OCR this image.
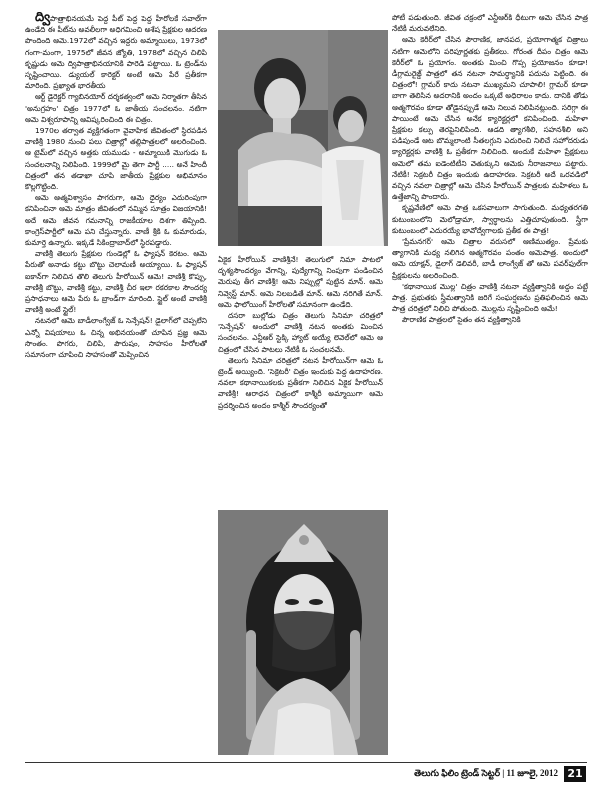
ద్విపాత్రాభినయమే పెద్ద పీట్ పెద్ద పెద్ద హీరోలకే సవాల్‌గా ఉండేది ఈ పీట్‌ను అవలీలగా అధిగమించి అశేష ప్రేక్షకుల ఆదరణ పొందింది ఆమె.1972లో వచ్చిన ఇద్దరు అమ్మాయిలు, 1973లో గంగా-మంగా, 1975లో జీవన జ్యోతి, 1978లో వచ్చిన చిలిపి కృష్ణుడు ఆమె ద్విపాత్రాభినయానికి పారెడి పట్టాయి. ఓ ట్రెండ్‌ను సృష్టించాయి. డ్యుయల్ కారెక్టర్ అంటే ఆమె పేరే ప్రతీకగా మారింది. ప్రఖ్యాత భారతీయ

ఆర్ట్ డైరెక్టర్ గ్యాబినయోర్ దర్శకత్వంలో ఆమె నిర్మాతగా తీసిన 'అనుగ్రహం' చిత్రం 1977లో ఓ జాతీయ సంచలనం. నటిగా ఆమె విశ్వరూపాన్ని ఆవిష్కరించింది ఈ చిత్రం.

1970ల తర్వాత వ్యక్తిగతంగా వైవాహిక జీవితంలో స్థిరపడిన వాణిశ్రీ 1980 నుంచి పలు చిత్రాల్లో తల్లిపాత్రలలో అలరించింది. ఆ టైమ్‌లో వచ్చిన అత్తకు యముడు - అమ్మాయికి మొగుడు ఓ సంచలనాన్ని నిలిపింది. 1999లో మై తెగా పార్టీ ..... అనే హిందీ చిత్రంలో తన తడాఖా చూపి జాతీయ ప్రేక్షకుల అభిమానం కొల్లగొట్టింది.

ఆమె ఆత్మవిశ్వాసం పాగరుగా, ఆమె ధైర్యం ఎదురింపుగా కనిపించినా ఆమె మాత్రం జీవితంలో నమ్మిన సూత్రం విజయానికి! అదే ఆమె జీవన గమనాన్ని రాజకీయాల దిశగా తిప్పింది. కాంగ్రెస్‌పార్టీలో ఆమె పని చేస్తున్నారు. వాణీ శ్రీకి ఓ కుమారుడు, కుమార్తె ఉన్నారు. ఇక్కడే సికింద్రాబాద్‌లో స్థిరపడ్డారు.

వాణిశ్రీ తెలుగు ప్రేక్షకుల గుండెల్లో ఓ ఫ్యాషన్ కెరటం. ఆమె పేరుతో అనాడు కట్టు బొట్టు చెలామణీ అయ్యాయి. ఓ ఫ్యాషన్ ఐకాన్‌గా నిలిచిన తొలి తెలుగు హీరోయిన్ ఆమె! వాణిశ్రీ కొప్పు, వాణిశ్రీ బొట్టు, వాణిశ్రీ కట్టు, వాణిశ్రీ చీర ఇలా రకరకాల సౌందర్య ప్రసాధనాలు ఆమె పేరు ఓ బ్రాండ్‌గా మారింది. స్టైల్ అంటే వాణిశ్రీ వాణిశ్రీ అంటే స్టైల్!

నటనలో ఆమె బాడీలాంగ్వేజ్ ఓ సెన్సేషన్! డైలాగ్‌లో చెప్పలేని ఎన్నో విషయాలు ఓ చిన్న అభినయంతో చూపిన ప్రజ్ఞ ఆమె సొంతం. పొగరు, చిలిపి, పౌరుషం, సాహసం హీరోలతో సమానంగా చూపించి సాహసంతో మెప్పించిన

ఏకైక హీరోయిన్ వాణిశ్రీనే! తెలుగులో నిమా పాటలో దృశ్యసౌందర్యం వేగాన్ని, పుద్యేగాన్ని నింపుగా పండించిన మెరుపు తీగ వాణిశ్రీ! ఆమె నిప్పుల్లో పుట్టిన మాన్. ఆమె నివ్వెస్ట్ మాన్. ఆమె నిలబడితే మాన్. ఆమె నరిగితే మాన్. ఆమె ఫాలోయింగ్ హీరోలతో సమానంగా ఉండేది.

దసరా బుల్లోడు చిత్రం తెలుగు సినిమా చరిత్రలో 'సెన్సేషన్' అందులో వాణిశ్రీ నటన అంతకు మించిన సంచలనం. ఎన్టీఆర్ స్టెక్కి హ్యాట్ అయ్యే లెవెల్‌లో ఆమె ఆ చిత్రంలో చేసిన పాటలు నేటికీ ఓ సంచలనమే.

తెలుగు సినిమా చరిత్రలో నటన హీరోయిన్‌గా ఆమె ఓ ట్రెండ్ అయ్యింది. 'సెక్రెటరీ' చిత్రం ఇందుకు పెద్ద ఉదాహరణ. నవలా కథానాయికలకు ప్రతీకగా నిలిచిన ఏకైక హీరోయిన్ వాణిశ్రీ! ఆరాధన చిత్రంలో కాశ్మీరీ అమ్మాయిగా ఆమె ప్రదర్శించిన అందం కాశ్మీర్ సౌందర్యంతో

పోటీ పడుతుంది. జీవిత చక్రంలో ఎన్టీఆర్‌కి ధీటుగా ఆమె చేసిన పాత్ర నేటికీ మరువలేనిది.

ఆమె కెరీర్‌లో చేసిన పౌరాణిక, జానపద, ప్రయోగాత్మక చిత్రాలు నటిగా ఆమెలోని పరిపూర్ణతకు ప్రతీకలు. గోరంత దీపం చిత్రం ఆమె కెరీర్‌లో ఓ ప్రయోగం. అంతకు మించి గొప్ప ప్రయోజనం కూడా! డీగ్లామరైజ్డ్ పాత్రలో తన నటనా సామర్థ్యానికి పదును పెట్టింది. ఈ చిత్రంలో! గ్లామర్ కాదు నటనా ముఖ్యమని చూపాలి! గ్లామర్ కూడా బాగా తెలిసిన అదరానికి అందం ఒక్కటే అధిరాలం కాదు. దానికి తోడు ఆత్మగౌరవం కూడా తోడైనప్పుడే ఆమె నిలువ నిలిపినట్లుంది. సరిగ్గా ఈ పాయింటే ఆమె చేసిన అనేక క్యారెక్టర్లలో కనిపించింది. మహిళా ప్రేక్షకుల కల్పు తెరపైనిలిపింది. ఆడది త్యాగశీలి, సహనశీలి అని పడిపుండే ఆట బొమ్మలాంటి సీతలగ్గుని ఎదురించి నిలిచే సహోదరుడు క్యారెక్టర్లకు వాణిశ్రీ ఓ ప్రతీకగా నిలిచింది. అందుకే మహిళా ప్రేక్షకులు ఆమెలో తమ ఐడెంటిటీని వెతుక్కుని ఆమెకు నీరాజనాలు పట్టారు. నేటికీ! సెక్రటరీ చిత్రం ఇందుకు ఉదాహరణ. సెక్రటరీ అదే ఒరవడిలో వచ్చిన నవలా చిత్రాల్లో ఆమె చేసిన హీరోయిన్ పాత్రలకు మహిళలు ఓ ఉత్తేజాన్ని పొందారు.

కృష్ణవేణిలో ఆమె పాత్ర ఒకసవాలుగా సాగుతుంది. మధ్యతరగతి కుటుంబంలోని మెలోడ్రామా, స్వార్థాలను ఎత్తిచూపుతుంది. స్త్రీగా కుటుంబంలో ఎదురయ్యే భావోద్వేగాలకు ప్రతీక ఈ పాత్ర!

'ప్రేమనగర్' ఆమె చిత్రాల వరుసలో ఆణిముత్యం. ప్రేమకు త్యాగానికి మధ్య నలిగిన ఆత్మగౌరవం పంతం ఆమెపాత్ర. అందులో ఆమె యాక్షన్, డైలాగ్ డెలివరీ, బాడీ లాంగ్వేజ్ తో ఆమె పవర్‌ఫుల్‌గా ప్రేక్షకులను అలరించింది.

'కథానాయిక మొల్ల' చిత్రం వాణిశ్రీ నటనా వ్యక్తిత్వానికి అద్దం పట్టే పాత్ర. ప్రభుతకు స్త్రీమత్వానికి జరిగే సంఘర్షణను ప్రతిఫలించిన ఆమె పాత్ర చరిత్రలో నిలిచి పోతుంది. మొల్లను సృష్టించింది ఆమే!

పౌరాణిక పాత్రలలో సైతం తన వ్యక్తిత్వానికి

తెలుగు ఫిలిం ట్రెండ్ సెట్టర్ | 11 జూలై, 2012 21
